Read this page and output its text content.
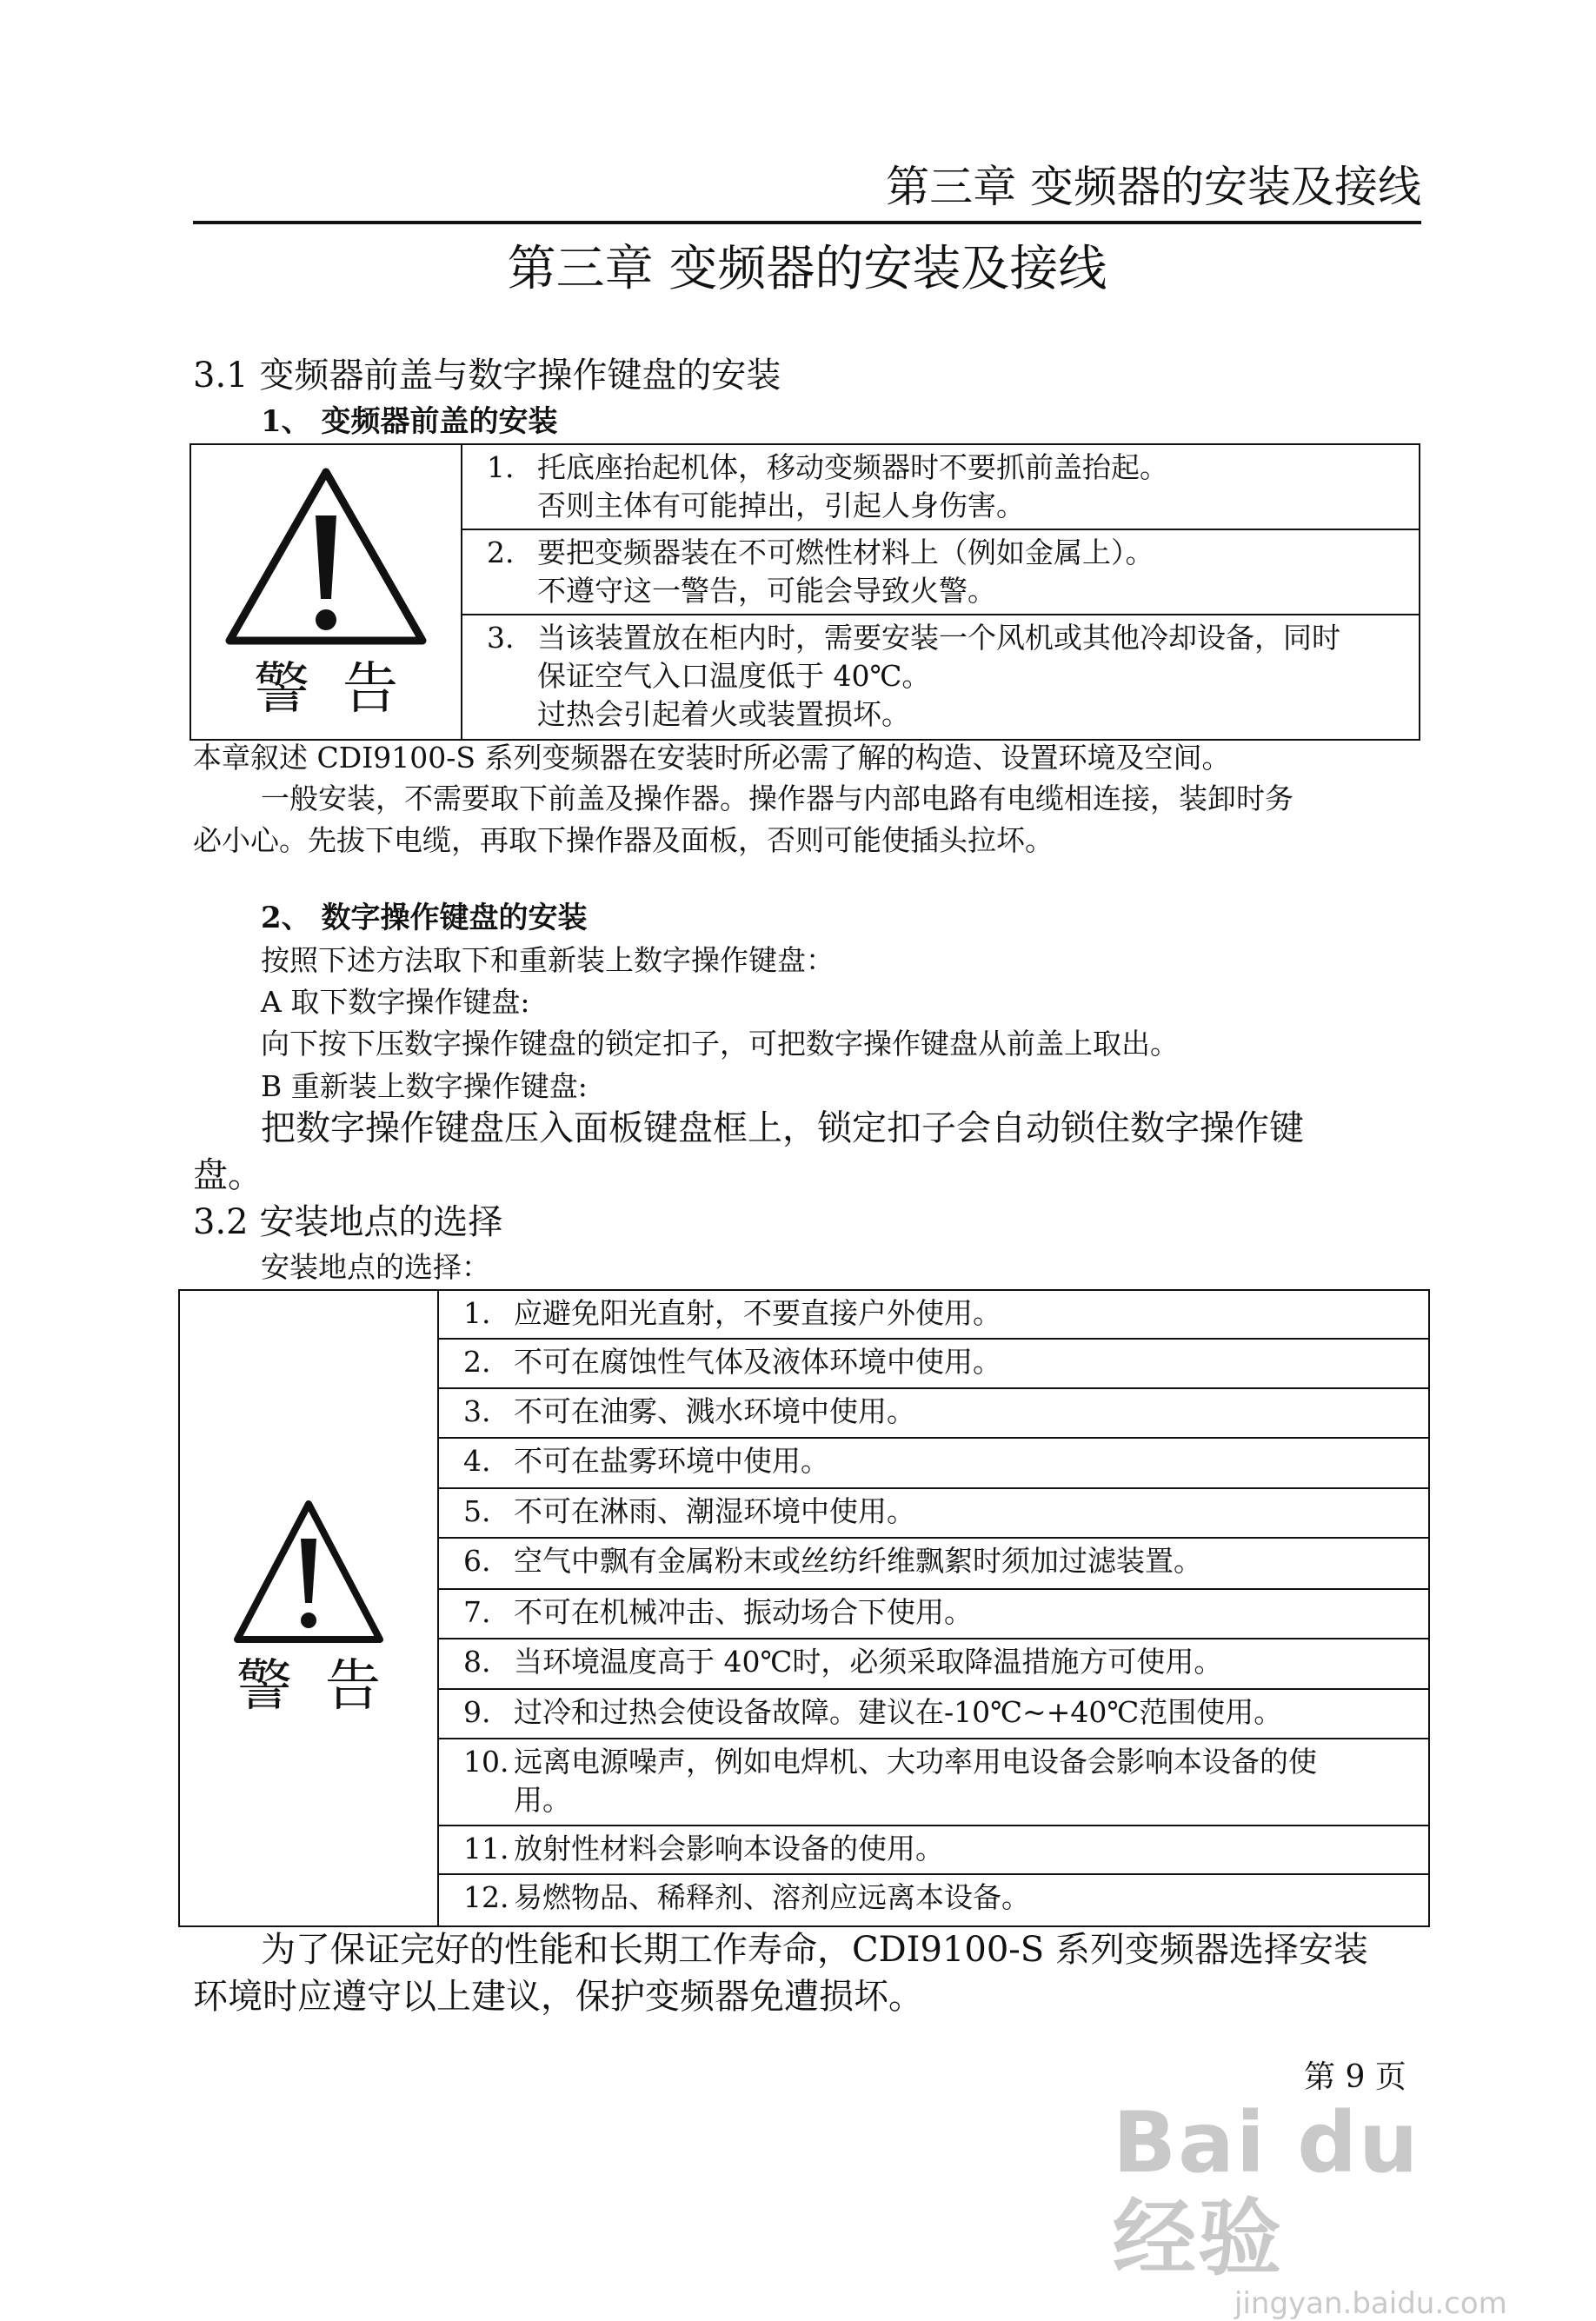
第三章 变频器的安装及接线
第三章 变频器的安装及接线
3.1 变频器前盖与数字操作键盘的安装
1、 变频器前盖的安装
警告

1. 托底座抬起机体，移动变频器时不要抓前盖抬起。
否则主体有可能掉出，引起人身伤害。

2. 要把变频器装在不可燃性材料上（例如金属上）。
不遵守这一警告，可能会导致火警。

3. 当该装置放在柜内时，需要安装一个风机或其他冷却设备，同时
保证空气入口温度低于 40℃。
过热会引起着火或装置损坏。
本章叙述 CDI9100-S 系列变频器在安装时所必需了解的构造、设置环境及空间。
一般安装，不需要取下前盖及操作器。操作器与内部电路有电缆相连接，装卸时务
必小心。先拔下电缆，再取下操作器及面板，否则可能使插头拉坏。
2、 数字操作键盘的安装
按照下述方法取下和重新装上数字操作键盘：
A 取下数字操作键盘:
向下按下压数字操作键盘的锁定扣子，可把数字操作键盘从前盖上取出。
B 重新装上数字操作键盘:
把数字操作键盘压入面板键盘框上，锁定扣子会自动锁住数字操作键
盘。
3.2 安装地点的选择
安装地点的选择：
警告

1. 应避免阳光直射，不要直接户外使用。

2. 不可在腐蚀性气体及液体环境中使用。

3. 不可在油雾、溅水环境中使用。

4. 不可在盐雾环境中使用。

5. 不可在淋雨、潮湿环境中使用。

6. 空气中飘有金属粉末或丝纺纤维飘絮时须加过滤装置。

7. 不可在机械冲击、振动场合下使用。

8. 当环境温度高于 40℃时，必须采取降温措施方可使用。

9. 过冷和过热会使设备故障。建议在-10℃~+40℃范围使用。

10. 远离电源噪声，例如电焊机、大功率用电设备会影响本设备的使
用。

11. 放射性材料会影响本设备的使用。

12. 易燃物品、稀释剂、溶剂应远离本设备。
为了保证完好的性能和长期工作寿命，CDI9100-S 系列变频器选择安装
环境时应遵守以上建议，保护变频器免遭损坏。
第 9 页
Bai du 经验
jingyan.baidu.com
